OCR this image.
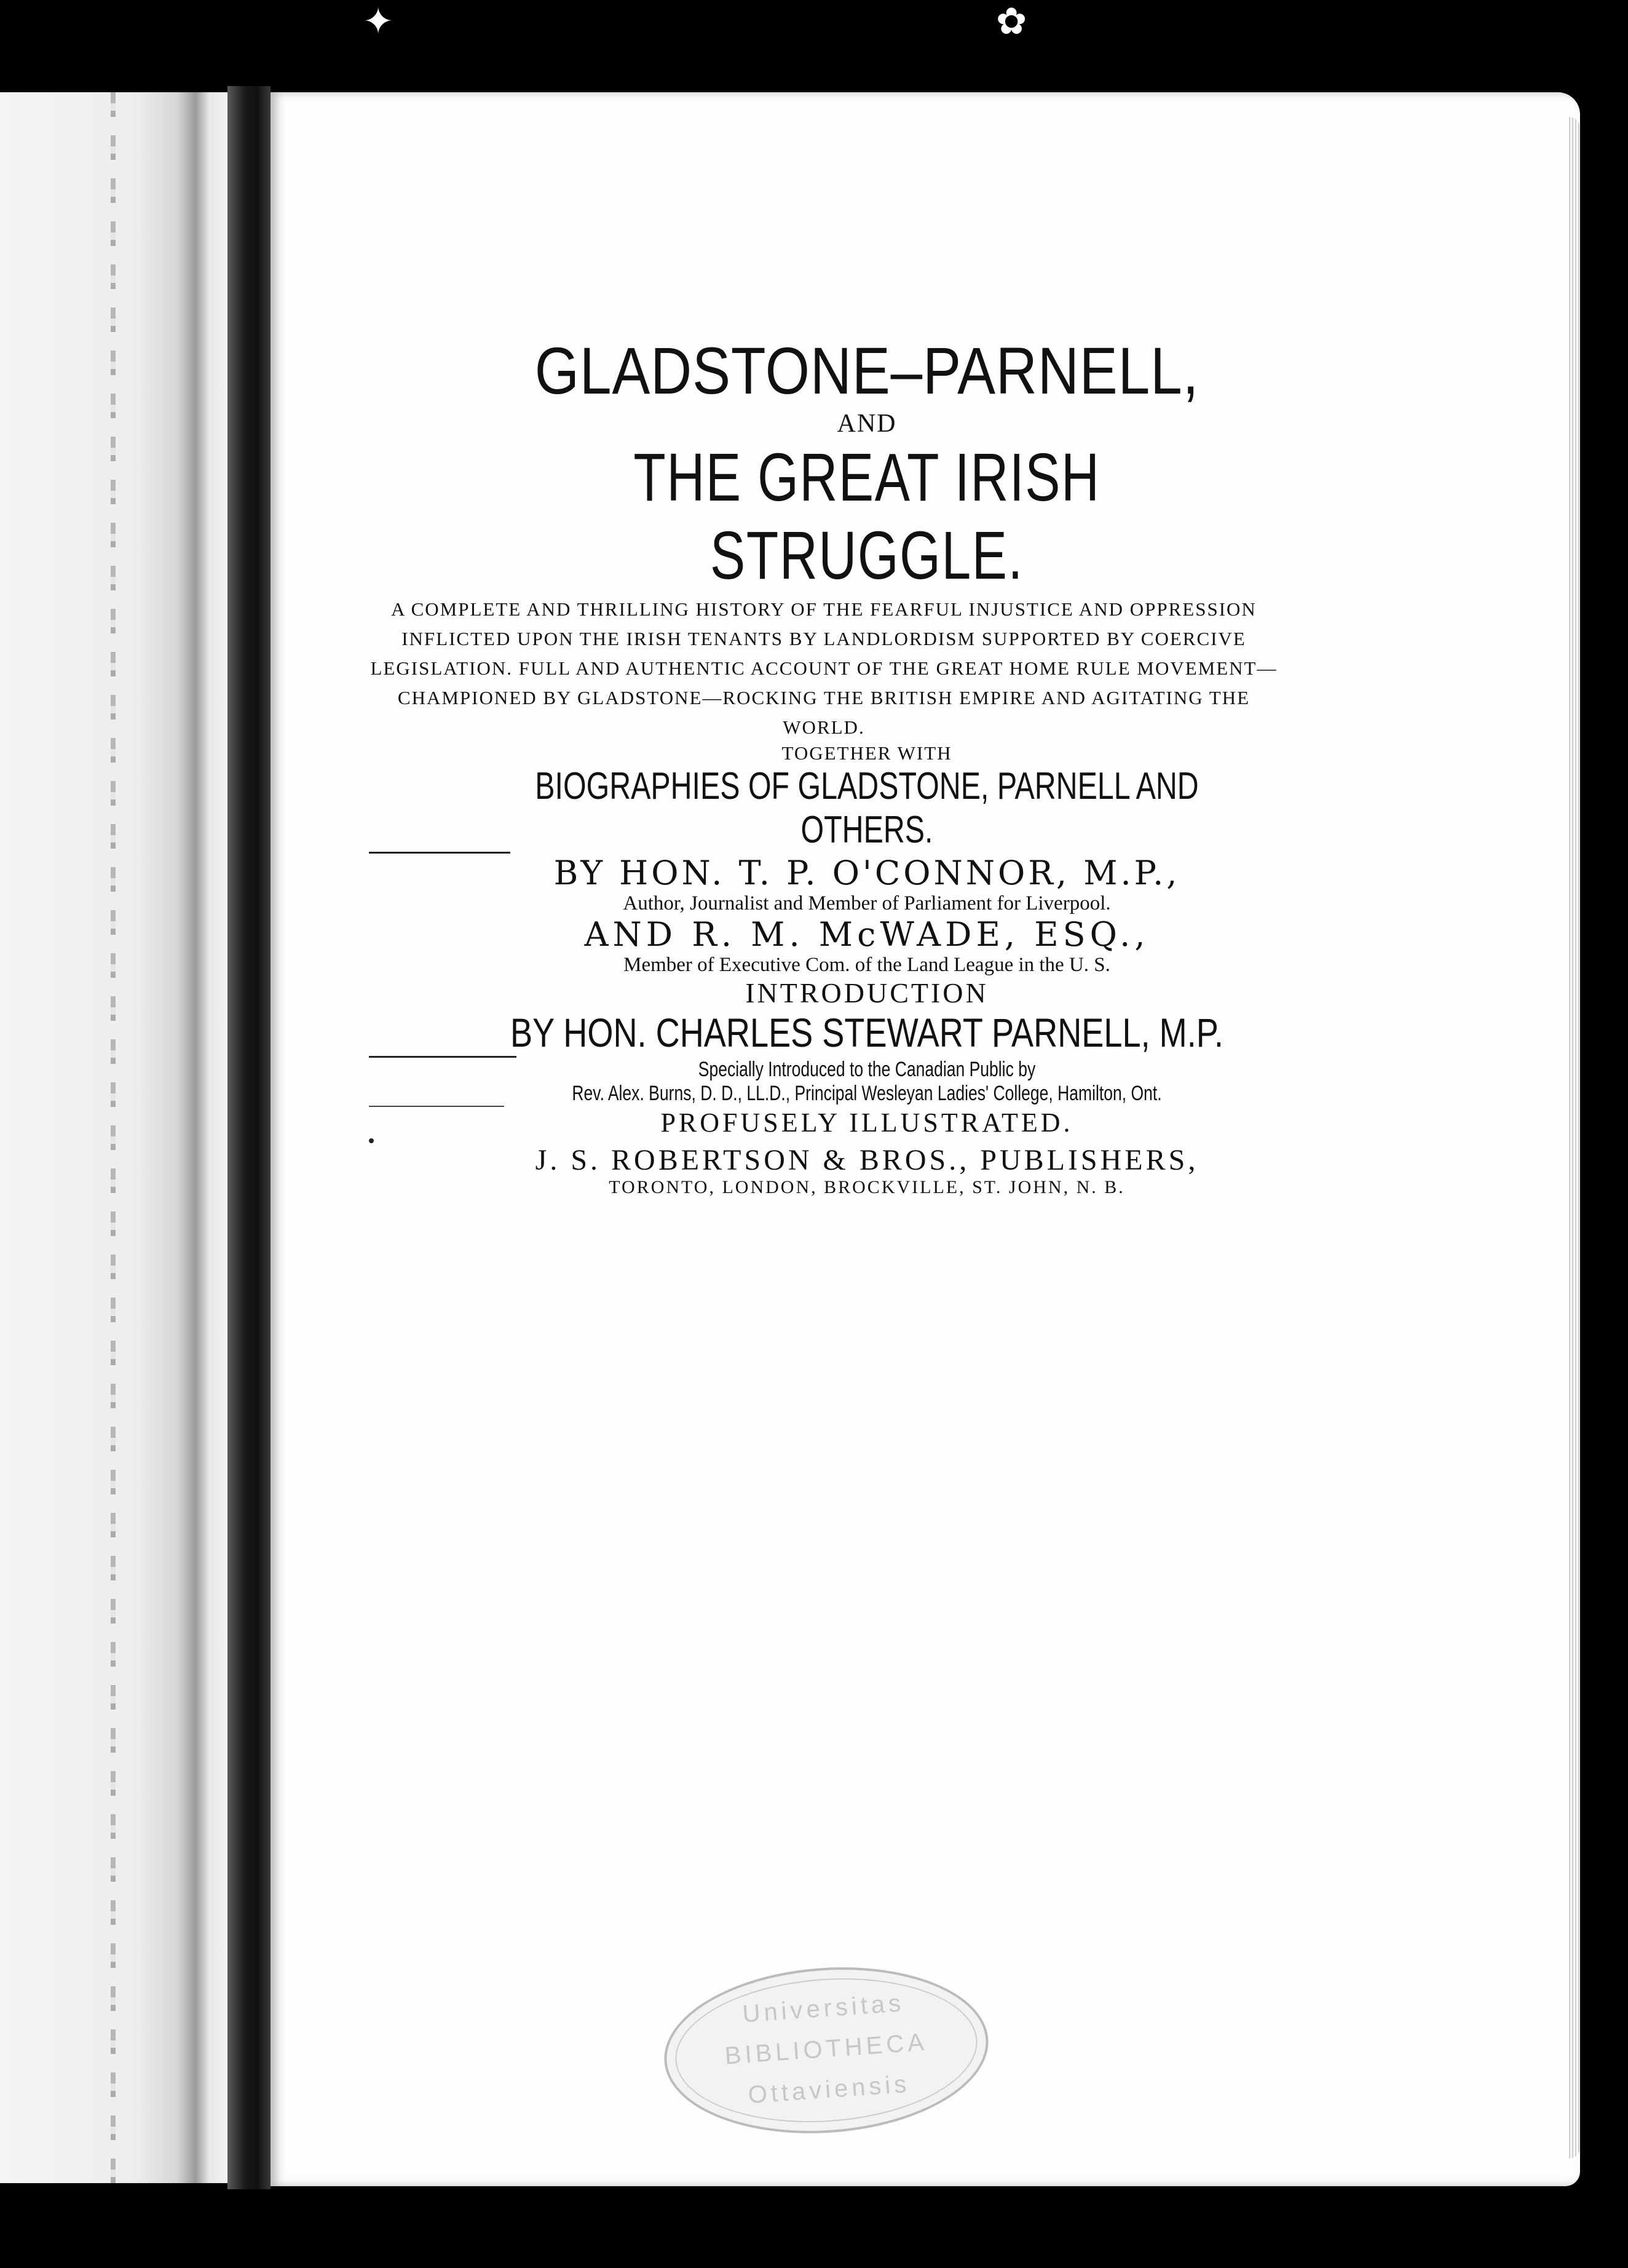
✦	✿
GLADSTONE–PARNELL,
AND
THE GREAT IRISH STRUGGLE.
A COMPLETE AND THRILLING HISTORY OF THE FEARFUL INJUSTICE AND OPPRESSION INFLICTED UPON THE IRISH TENANTS BY LANDLORDISM SUPPORTED BY COERCIVE LEGISLATION. FULL AND AUTHENTIC ACCOUNT OF THE GREAT HOME RULE MOVEMENT— CHAMPIONED BY GLADSTONE—ROCKING THE BRITISH EMPIRE AND AGITATING THE WORLD.
TOGETHER WITH
BIOGRAPHIES OF GLADSTONE, PARNELL AND OTHERS.
BY HON. T. P. O'CONNOR, M.P.,
Author, Journalist and Member of Parliament for Liverpool.
AND R. M. McWADE, ESQ.,
Member of Executive Com. of the Land League in the U. S.
INTRODUCTION
BY HON. CHARLES STEWART PARNELL, M.P.
Specially Introduced to the Canadian Public by
Rev. Alex. Burns, D. D., LL.D., Principal Wesleyan Ladies' College, Hamilton, Ont.
PROFUSELY ILLUSTRATED.
J. S. ROBERTSON & BROS., PUBLISHERS,
TORONTO, LONDON, BROCKVILLE, ST. JOHN, N. B.
Universitas
BIBLIOTHECA
Ottaviensis
